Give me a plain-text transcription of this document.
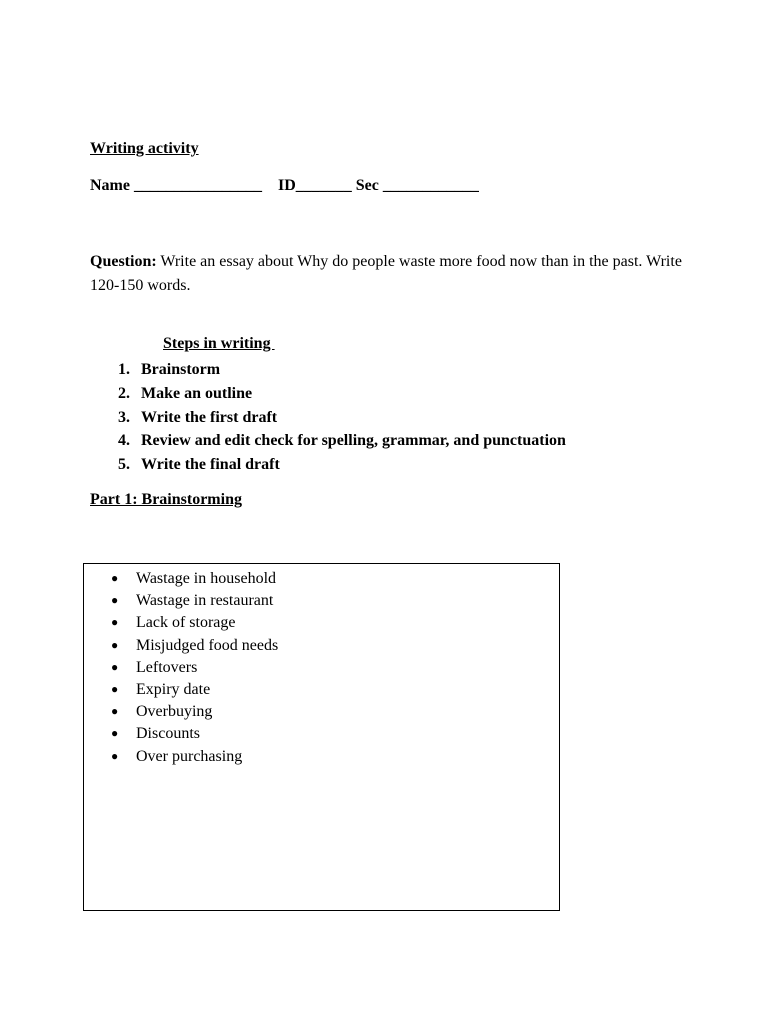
Writing activity
Name ________________    ID_______ Sec ____________
Question: Write an essay about Why do people waste more food now than in the past. Write 120-150 words.
Steps in writing
1. Brainstorm
2. Make an outline
3. Write the first draft
4. Review and edit check for spelling, grammar, and punctuation
5. Write the final draft
Part 1: Brainstorming
● Wastage in household
● Wastage in restaurant
● Lack of storage
● Misjudged food needs
● Leftovers
● Expiry date
● Overbuying
● Discounts
● Over purchasing
